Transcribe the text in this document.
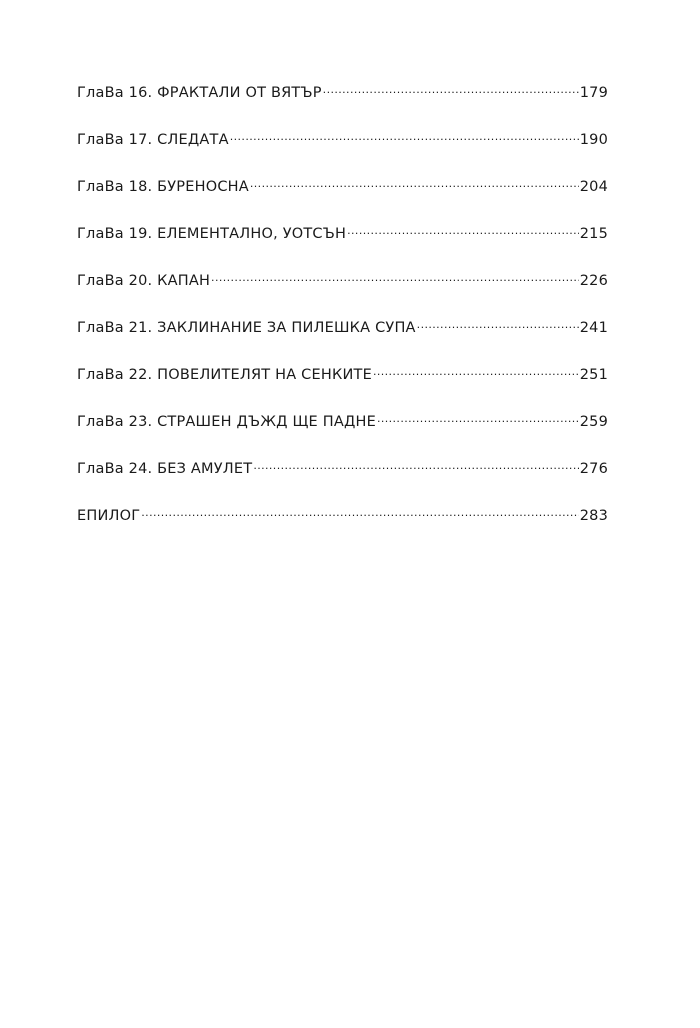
ГлаВа 16. ФРАКТАЛИ ОТ ВЯТЪР .....	179
ГлаВа 17. СЛЕДАТА .....	190
ГлаВа 18. БУРЕНОСНА .....	204
ГлаВа 19. ЕЛЕМЕНТАЛНО, УОТСЪН .....	215
ГлаВа 20. КАПАН .....	226
ГлаВа 21. ЗАКЛИНАНИЕ ЗА ПИЛЕШКА СУПА .....	241
ГлаВа 22. ПОВЕЛИТЕЛЯТ НА СЕНКИТЕ .....	251
ГлаВа 23. СТРАШЕН ДЪЖД ЩЕ ПАДНЕ .....	259
ГлаВа 24. БЕЗ АМУЛЕТ .....	276
ЕПИЛОГ .....	283
